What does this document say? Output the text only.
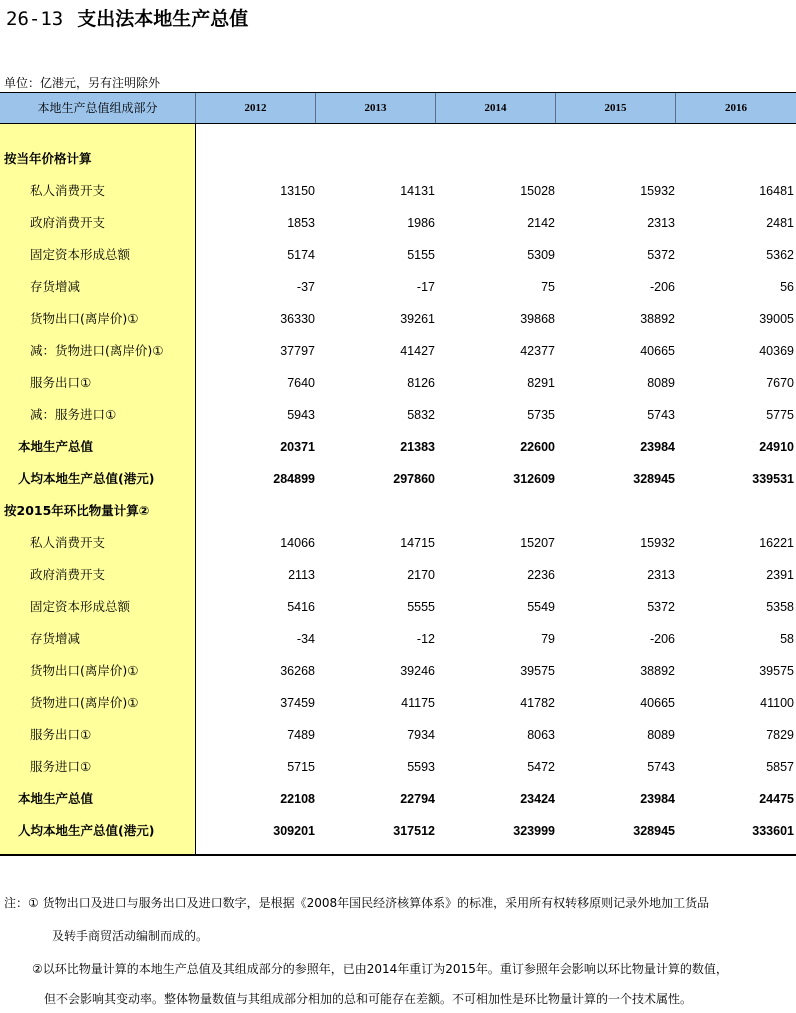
26-13 支出法本地生产总值
单位：亿港元，另有注明除外
本地生产总值组成部分	2012	2013	2014	2015	2016
按当年价格计算
私人消费开支	13150	14131	15028	15932	16481
政府消费开支	1853	1986	2142	2313	2481
固定资本形成总额	5174	5155	5309	5372	5362
存货增减	-37	-17	75	-206	56
货物出口(离岸价)①	36330	39261	39868	38892	39005
减：货物进口(离岸价)①	37797	41427	42377	40665	40369
服务出口①	7640	8126	8291	8089	7670
减：服务进口①	5943	5832	5735	5743	5775
本地生产总值	20371	21383	22600	23984	24910
人均本地生产总值(港元)	284899	297860	312609	328945	339531
按2015年环比物量计算②
私人消费开支	14066	14715	15207	15932	16221
政府消费开支	2113	2170	2236	2313	2391
固定资本形成总额	5416	5555	5549	5372	5358
存货增减	-34	-12	79	-206	58
货物出口(离岸价)①	36268	39246	39575	38892	39575
货物进口(离岸价)①	37459	41175	41782	40665	41100
服务出口①	7489	7934	8063	8089	7829
服务进口①	5715	5593	5472	5743	5857
本地生产总值	22108	22794	23424	23984	24475
人均本地生产总值(港元)	309201	317512	323999	328945	333601
注：① 货物出口及进口与服务出口及进口数字，是根据《2008年国民经济核算体系》的标准，采用所有权转移原则记录外地加工货品
及转手商贸活动编制而成的。
②以环比物量计算的本地生产总值及其组成部分的参照年，已由2014年重订为2015年。重订参照年会影响以环比物量计算的数值，
但不会影响其变动率。整体物量数值与其组成部分相加的总和可能存在差额。不可相加性是环比物量计算的一个技术属性。
